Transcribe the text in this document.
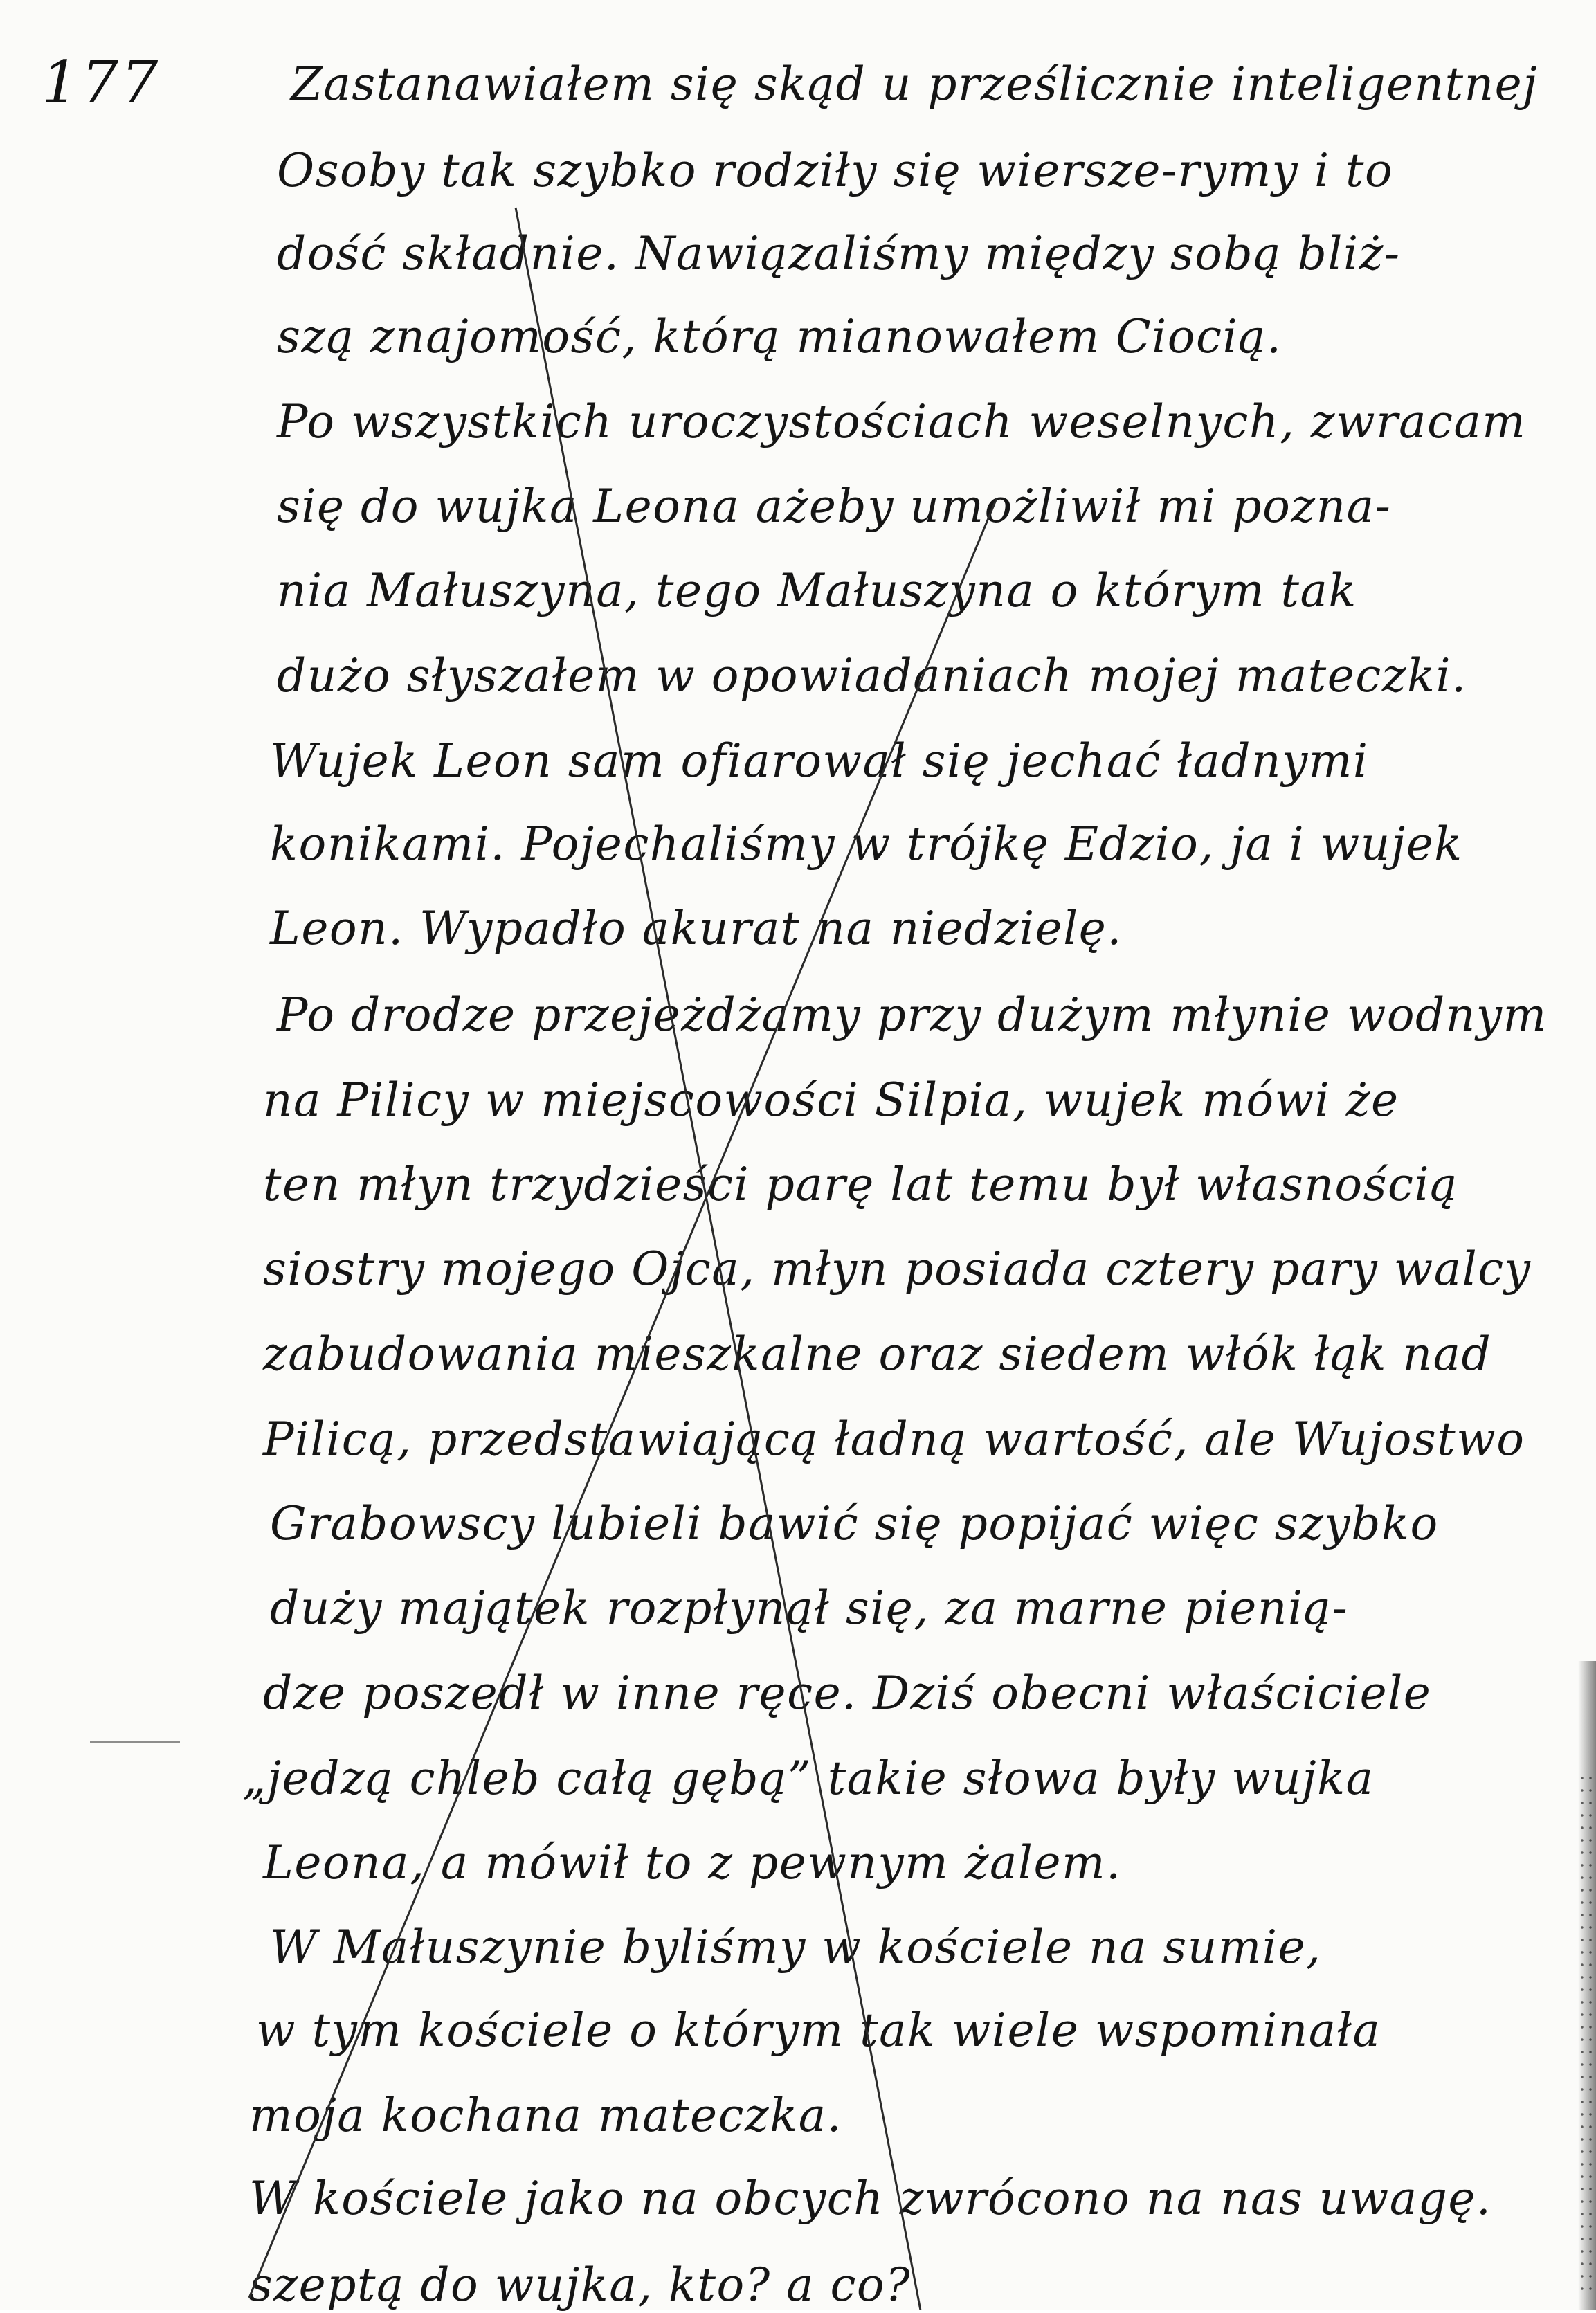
177	Zastanawiałem się skąd u prześlicznie inteligentnej
Osoby tak szybko rodziły się wiersze-rymy i to
dość składnie. Nawiązaliśmy między sobą bliż-
szą znajomość, którą mianowałem Ciocią.
Po wszystkich uroczystościach weselnych, zwracam
się do wujka Leona ażeby umożliwił mi pozna-
nia Małuszyna, tego Małuszyna o którym tak
dużo słyszałem w opowiadaniach mojej mateczki.
Wujek Leon sam ofiarował się jechać ładnymi
konikami. Pojechaliśmy w trójkę Edzio, ja i wujek
Leon. Wypadło akurat na niedzielę.
Po drodze przejeżdżamy przy dużym młynie wodnym
na Pilicy w miejscowości Silpia, wujek mówi że
ten młyn trzydzieści parę lat temu był własnością
siostry mojego Ojca, młyn posiada cztery pary walcy
zabudowania mieszkalne oraz siedem włók łąk nad
Pilicą, przedstawiającą ładną wartość, ale Wujostwo
Grabowscy lubieli bawić się popijać więc szybko
duży majątek rozpłynął się, za marne pienią-
dze poszedł w inne ręce. Dziś obecni właściciele
„jedzą chleb całą gębą” takie słowa były wujka
Leona, a mówił to z pewnym żalem.
W Małuszynie byliśmy w kościele na sumie,
w tym kościele o którym tak wiele wspominała
moja kochana mateczka.
W kościele jako na obcych zwrócono na nas uwagę.
szeptą do wujka, kto? a co?
